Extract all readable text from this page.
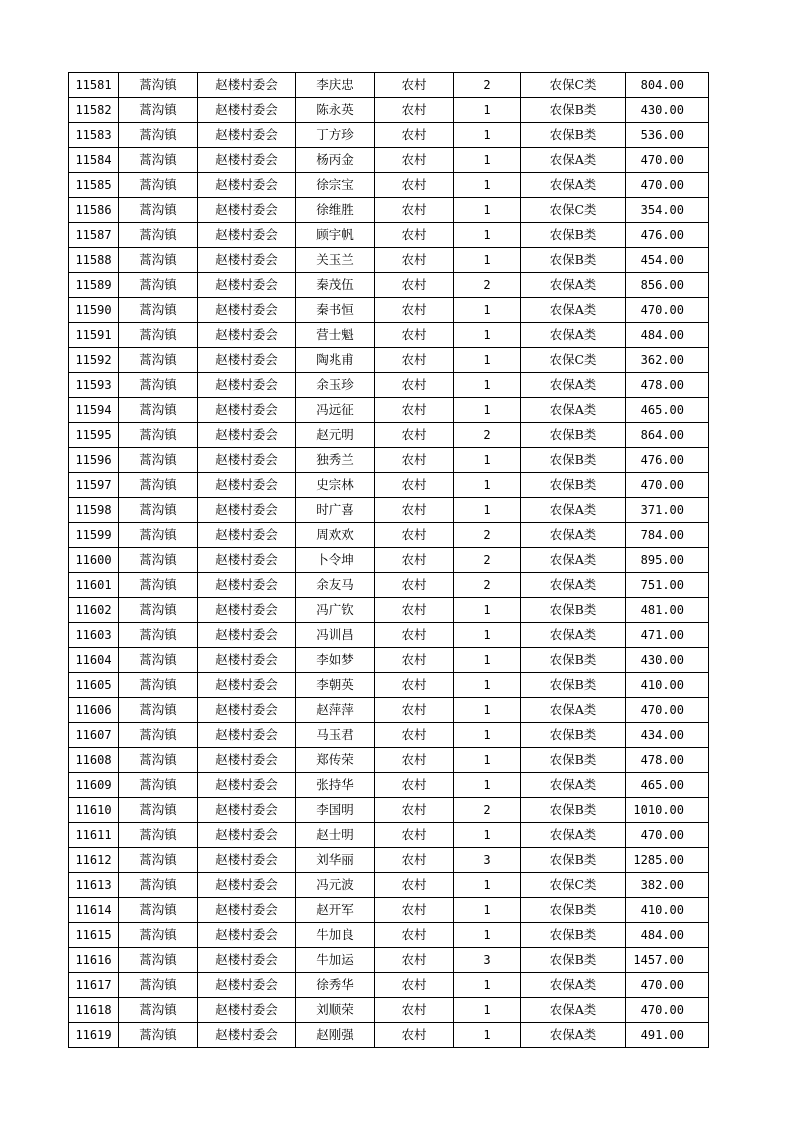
11581	蒿沟镇	赵楼村委会	李庆忠	农村	2	农保C类	804.00
11582	蒿沟镇	赵楼村委会	陈永英	农村	1	农保B类	430.00
11583	蒿沟镇	赵楼村委会	丁方珍	农村	1	农保B类	536.00
11584	蒿沟镇	赵楼村委会	杨丙金	农村	1	农保A类	470.00
11585	蒿沟镇	赵楼村委会	徐宗宝	农村	1	农保A类	470.00
11586	蒿沟镇	赵楼村委会	徐维胜	农村	1	农保C类	354.00
11587	蒿沟镇	赵楼村委会	顾宇帆	农村	1	农保B类	476.00
11588	蒿沟镇	赵楼村委会	关玉兰	农村	1	农保B类	454.00
11589	蒿沟镇	赵楼村委会	秦茂伍	农村	2	农保A类	856.00
11590	蒿沟镇	赵楼村委会	秦书恒	农村	1	农保A类	470.00
11591	蒿沟镇	赵楼村委会	营士魁	农村	1	农保A类	484.00
11592	蒿沟镇	赵楼村委会	陶兆甫	农村	1	农保C类	362.00
11593	蒿沟镇	赵楼村委会	余玉珍	农村	1	农保A类	478.00
11594	蒿沟镇	赵楼村委会	冯远征	农村	1	农保A类	465.00
11595	蒿沟镇	赵楼村委会	赵元明	农村	2	农保B类	864.00
11596	蒿沟镇	赵楼村委会	独秀兰	农村	1	农保B类	476.00
11597	蒿沟镇	赵楼村委会	史宗林	农村	1	农保B类	470.00
11598	蒿沟镇	赵楼村委会	时广喜	农村	1	农保A类	371.00
11599	蒿沟镇	赵楼村委会	周欢欢	农村	2	农保A类	784.00
11600	蒿沟镇	赵楼村委会	卜令坤	农村	2	农保A类	895.00
11601	蒿沟镇	赵楼村委会	余友马	农村	2	农保A类	751.00
11602	蒿沟镇	赵楼村委会	冯广钦	农村	1	农保B类	481.00
11603	蒿沟镇	赵楼村委会	冯训昌	农村	1	农保A类	471.00
11604	蒿沟镇	赵楼村委会	李如梦	农村	1	农保B类	430.00
11605	蒿沟镇	赵楼村委会	李朝英	农村	1	农保B类	410.00
11606	蒿沟镇	赵楼村委会	赵萍萍	农村	1	农保A类	470.00
11607	蒿沟镇	赵楼村委会	马玉君	农村	1	农保B类	434.00
11608	蒿沟镇	赵楼村委会	郑传荣	农村	1	农保B类	478.00
11609	蒿沟镇	赵楼村委会	张持华	农村	1	农保A类	465.00
11610	蒿沟镇	赵楼村委会	李国明	农村	2	农保B类	1010.00
11611	蒿沟镇	赵楼村委会	赵士明	农村	1	农保A类	470.00
11612	蒿沟镇	赵楼村委会	刘华丽	农村	3	农保B类	1285.00
11613	蒿沟镇	赵楼村委会	冯元波	农村	1	农保C类	382.00
11614	蒿沟镇	赵楼村委会	赵开军	农村	1	农保B类	410.00
11615	蒿沟镇	赵楼村委会	牛加良	农村	1	农保B类	484.00
11616	蒿沟镇	赵楼村委会	牛加运	农村	3	农保B类	1457.00
11617	蒿沟镇	赵楼村委会	徐秀华	农村	1	农保A类	470.00
11618	蒿沟镇	赵楼村委会	刘顺荣	农村	1	农保A类	470.00
11619	蒿沟镇	赵楼村委会	赵刚强	农村	1	农保A类	491.00
